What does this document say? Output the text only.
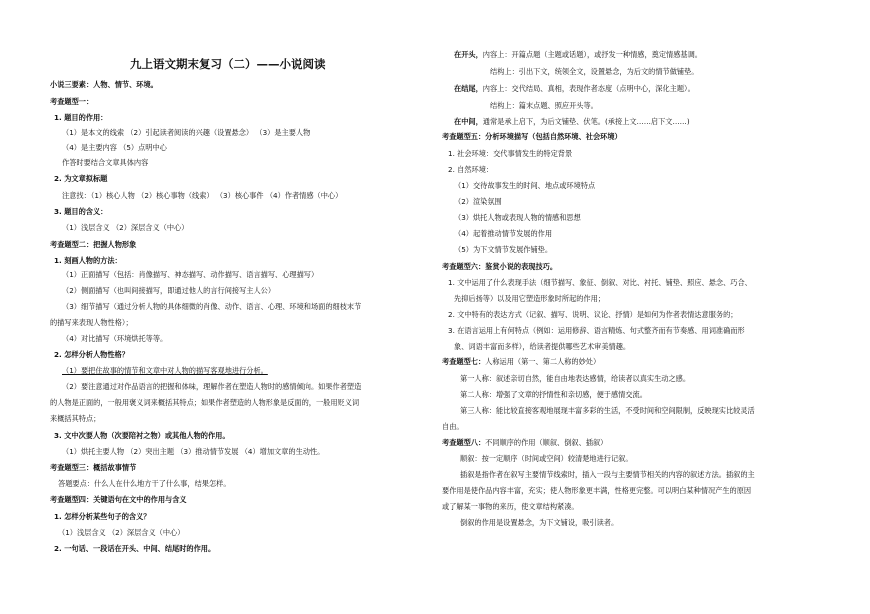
九上语文期末复习（二）——小说阅读
小说三要素：人物、情节、环境。
考查题型一：
1. 题目的作用：
（1）是本文的线索 （2）引起读者阅读的兴趣（设置悬念） （3）是主要人物
（4）是主要内容 （5）点明中心
作答时要结合文章具体内容
2. 为文章拟标题
注意找：（1）核心人物 （2）核心事物（线索） （3）核心事件 （4）作者情感（中心）
3. 题目的含义：
（1）浅层含义 （2）深层含义（中心）
考查题型二：把握人物形象
1. 刻画人物的方法：
（1）正面描写（包括：肖像描写、神态描写、动作描写、语言描写、心理描写）
（2）侧面描写（也叫间接描写，即通过他人的言行间接写主人公）
（3）细节描写（通过分析人物的具体细微的肖像、动作、语言、心理、环境和场面的细枝末节
的描写来表现人物性格）；
（4）对比描写（环境烘托等等。
2. 怎样分析人物性格？
（1）要把住故事的情节和文章中对人物的描写客观地进行分析。
（2）要注意通过对作品语言的把握和体味，理解作者在塑造人物时的感情倾向。如果作者塑造
的人物是正面的，一般用褒义词来概括其特点；如果作者塑造的人物形象是反面的，一般用贬义词
来概括其特点；
3. 文中次要人物（次要陪衬之物）或其他人物的作用。
（1）烘托主要人物 （2）突出主题 （3）推动情节发展 （4）增加文章的生动性。
考查题型三：概括故事情节
答题要点：什么人在什么地方干了什么事，结果怎样。
考查题型四：关键语句在文中的作用与含义
1. 怎样分析某些句子的含义？
（1）浅层含义 （2）深层含义（中心）
2. 一句话、一段话在开头、中间、结尾时的作用。
在开头，内容上：开篇点题（主题或话题），或抒发一种情感，奠定情感基调。
结构上：引出下文，统领全文，设置悬念，为后文的情节做铺垫。
在结尾，内容上：交代结局、真相，表现作者态度（点明中心，深化主题）。
结构上：篇末点题、照应开头等。
在中间，通常是承上启下，为后文铺垫、伏笔。(承接上文……启下文……)
考查题型五：分析环境描写（包括自然环境、社会环境）
1. 社会环境：交代事情发生的特定背景
2. 自然环境：
（1）交待故事发生的时间、地点或环境特点
（2）渲染氛围
（3）烘托人物或表现人物的情感和思想
（4）起着推动情节发展的作用
（5）为下文情节发展作铺垫。
考查题型六：鉴赏小说的表现技巧。
1. 文中运用了什么表现手法（细节描写、象征、倒叙、对比、衬托、铺垫、照应、悬念、巧合、
先抑后扬等）以及用它塑造形象时所起的作用；
2. 文中特有的表达方式（记叙、描写、说明、议论、抒情）是如何为作者表情达意服务的；
3. 在语言运用上有何特点（例如：运用修辞、语言精炼、句式整齐而有节奏感、用词准确而形
象、词语丰富而多样），给读者提供哪些艺术审美情趣。
考查题型七：人称运用（第一、第二人称的妙处）
第一人称：叙述亲切自然，能自由地表达感情，给读者以真实生动之感。
第二人称：增强了文章的抒情性和亲切感，便于感情交流。
第三人称：能比较直接客观地展现丰富多彩的生活，不受时间和空间限制，反映现实比较灵活
自由。
考查题型八：不同顺序的作用（顺叙、倒叙、插叙）
顺叙：按一定顺序（时间或空间）较清楚地进行记叙。
插叙是指作者在叙写主要情节线索时，插入一段与主要情节相关的内容的叙述方法。插叙的主
要作用是使作品内容丰富，充实；使人物形象更丰满，性格更完整。可以明白某种情况产生的原因
或了解某一事物的来历，使文章结构紧凑。
倒叙的作用是设置悬念，为下文铺设，吸引读者。
